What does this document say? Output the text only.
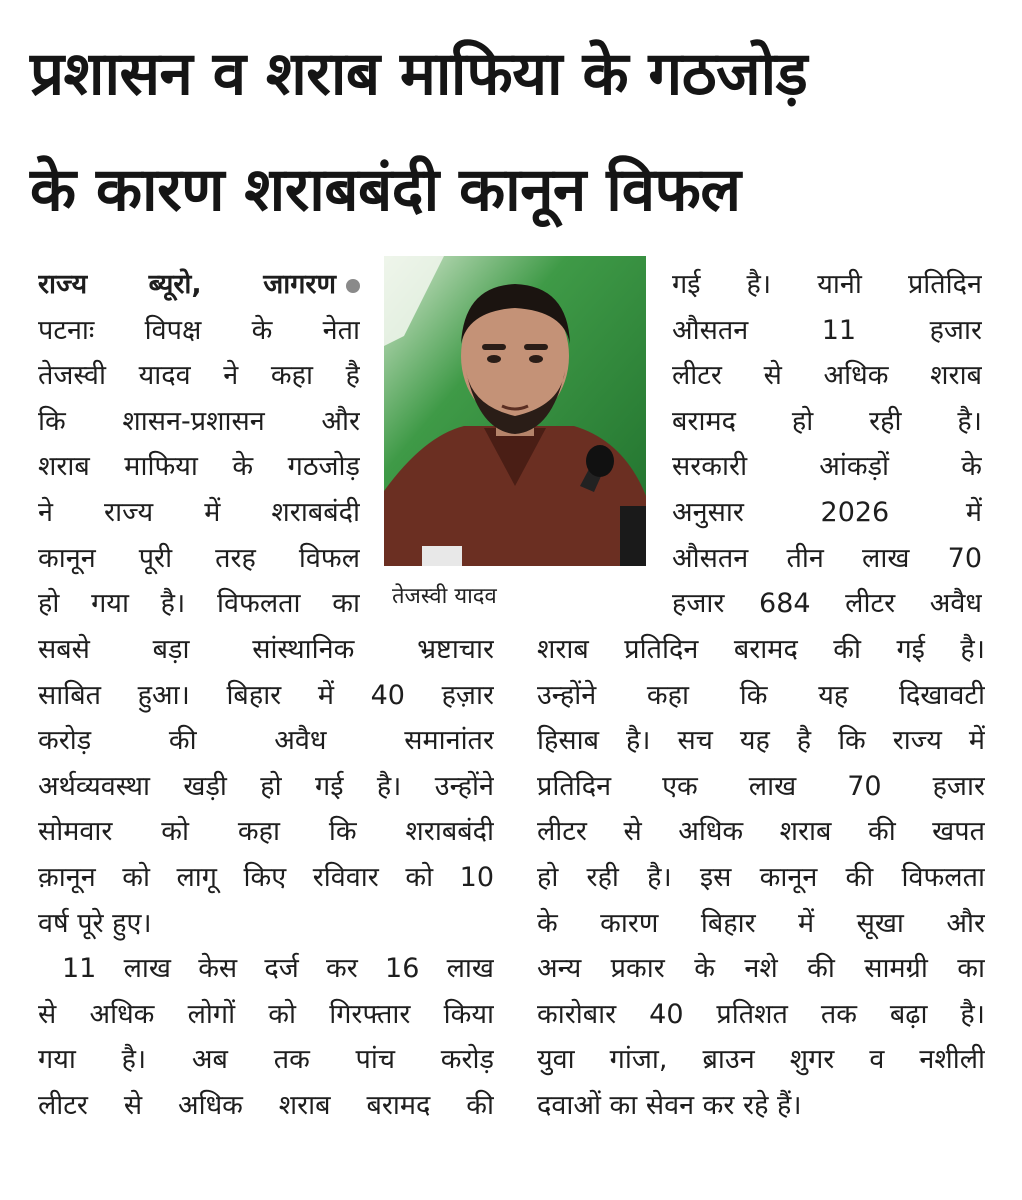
प्रशासन व शराब माफिया के गठजोड़
के कारण शराबबंदी कानून विफल
राज्य ब्यूरो, जागरण
पटनाः विपक्ष के नेता
तेजस्वी यादव ने कहा है
कि शासन-प्रशासन और
शराब माफिया के गठजोड़
ने राज्य में शराबबंदी
कानून पूरी तरह विफल
हो गया है। विफलता का तेजस्वी यादव
गई है। यानी प्रतिदिन
औसतन 11 हजार
लीटर से अधिक शराब
बरामद हो रही है।
सरकारी आंकड़ों के
अनुसार 2026 में
औसतन तीन लाख 70
हजार 684 लीटर अवैध
सबसे बड़ा सांस्थानिक भ्रष्टाचार
साबित हुआ। बिहार में 40 हज़ार
करोड़ की अवैध समानांतर
अर्थव्यवस्था खड़ी हो गई है। उन्होंने
सोमवार को कहा कि शराबबंदी
क़ानून को लागू किए रविवार को 10
वर्ष पूरे हुए।
11 लाख केस दर्ज कर 16 लाख
से अधिक लोगों को गिरफ्तार किया
गया है। अब तक पांच करोड़
लीटर से अधिक शराब बरामद की
शराब प्रतिदिन बरामद की गई है।
उन्होंने कहा कि यह दिखावटी
हिसाब है। सच यह है कि राज्य में
प्रतिदिन एक लाख 70 हजार
लीटर से अधिक शराब की खपत
हो रही है। इस कानून की विफलता
के कारण बिहार में सूखा और
अन्य प्रकार के नशे की सामग्री का
कारोबार 40 प्रतिशत तक बढ़ा है।
युवा गांजा, ब्राउन शुगर व नशीली
दवाओं का सेवन कर रहे हैं।
